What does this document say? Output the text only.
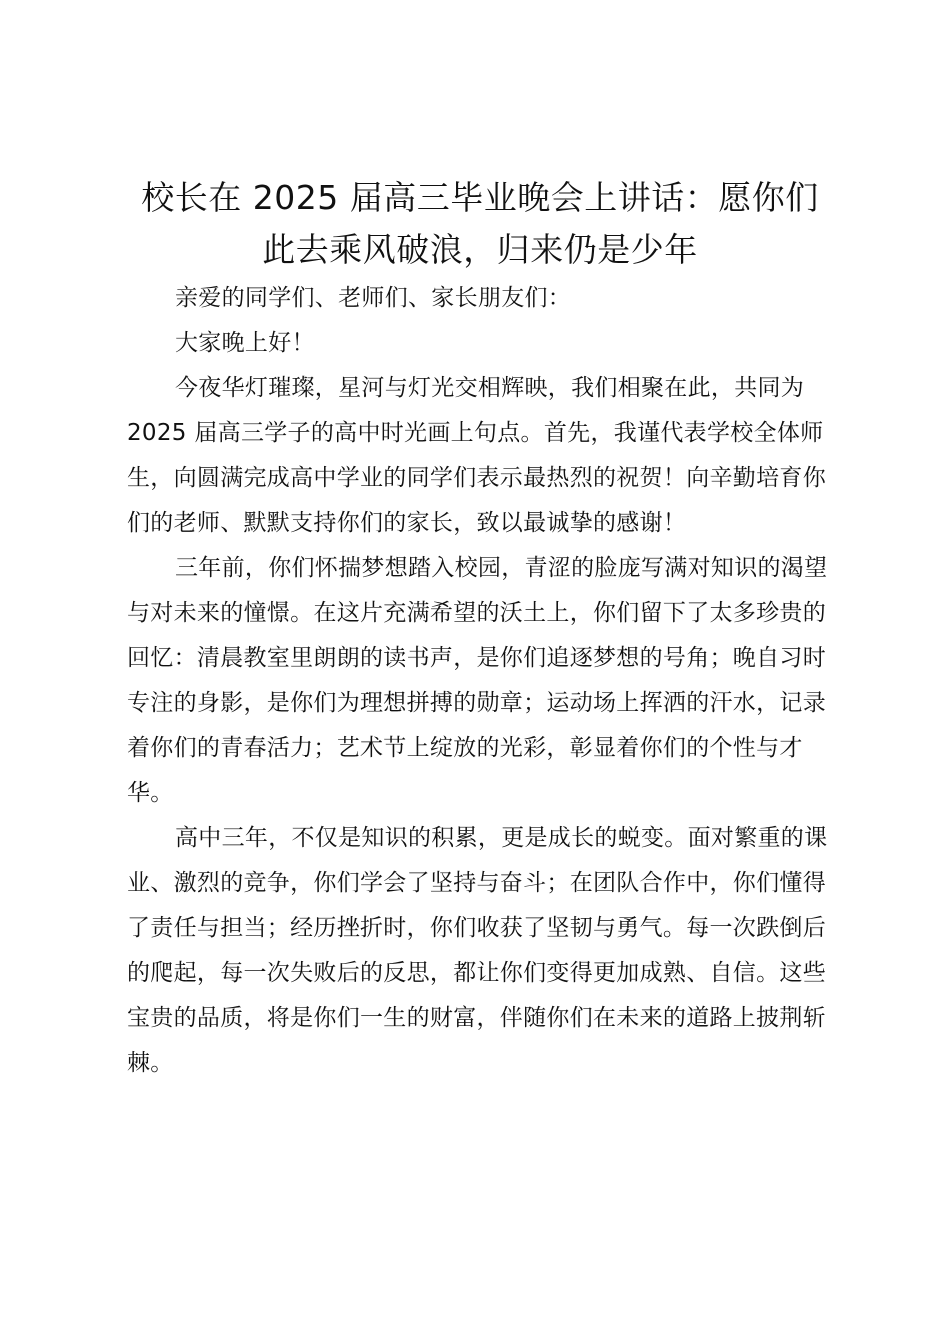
校长在 2025 届高三毕业晚会上讲话：愿你们
此去乘风破浪，归来仍是少年

亲爱的同学们、老师们、家长朋友们：

大家晚上好！

今夜华灯璀璨，星河与灯光交相辉映，我们相聚在此，共同为 2025 届高三学子的高中时光画上句点。首先，我谨代表学校全体师生，向圆满完成高中学业的同学们表示最热烈的祝贺！向辛勤培育你们的老师、默默支持你们的家长，致以最诚挚的感谢！

三年前，你们怀揣梦想踏入校园，青涩的脸庞写满对知识的渴望与对未来的憧憬。在这片充满希望的沃土上，你们留下了太多珍贵的回忆：清晨教室里朗朗的读书声，是你们追逐梦想的号角；晚自习时专注的身影，是你们为理想拼搏的勋章；运动场上挥洒的汗水，记录着你们的青春活力；艺术节上绽放的光彩，彰显着你们的个性与才华。

高中三年，不仅是知识的积累，更是成长的蜕变。面对繁重的课业、激烈的竞争，你们学会了坚持与奋斗；在团队合作中，你们懂得了责任与担当；经历挫折时，你们收获了坚韧与勇气。每一次跌倒后的爬起，每一次失败后的反思，都让你们变得更加成熟、自信。这些宝贵的品质，将是你们一生的财富，伴随你们在未来的道路上披荆斩棘。
